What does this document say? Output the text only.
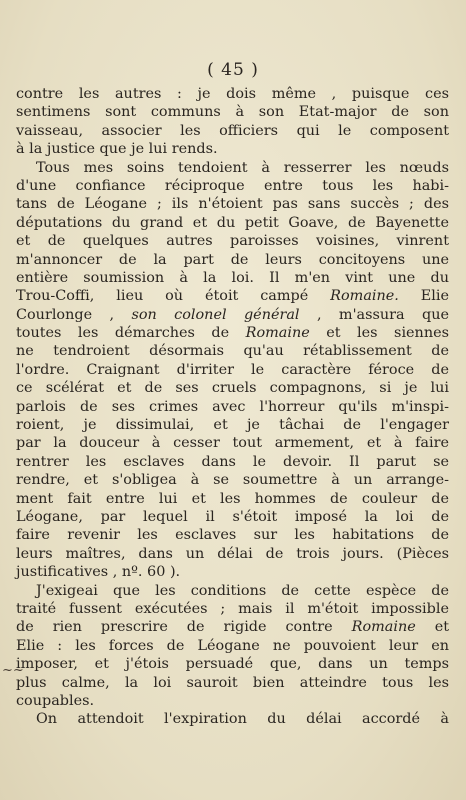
( 45 )
contre les autres : je dois même , puisque ces
sentimens sont communs à son Etat-major de son
vaisseau, associer les officiers qui le composent
à la justice que je lui rends.
Tous mes soins tendoient à resserrer les nœuds
d'une confiance réciproque entre tous les habi-
tans de Léogane ; ils n'étoient pas sans succès ; des
députations du grand et du petit Goave, de Bayenette
et de quelques autres paroisses voisines, vinrent
m'annoncer de la part de leurs concitoyens une
entière soumission à la loi. Il m'en vint une du
Trou-Coffi, lieu où étoit campé Romaine. Elie
Courlonge , son colonel général , m'assura que
toutes les démarches de Romaine et les siennes
ne tendroient désormais qu'au rétablissement de
l'ordre. Craignant d'irriter le caractère féroce de
ce scélérat et de ses cruels compagnons, si je lui
parlois de ses crimes avec l'horreur qu'ils m'inspi-
roient, je dissimulai, et je tâchai de l'engager
par la douceur à cesser tout armement, et à faire
rentrer les esclaves dans le devoir. Il parut se
rendre, et s'obligea à se soumettre à un arrange-
ment fait entre lui et les hommes de couleur de
Léogane, par lequel il s'étoit imposé la loi de
faire revenir les esclaves sur les habitations de
leurs maîtres, dans un délai de trois jours. (Pièces
justificatives , nº. 60 ).
J'exigeai que les conditions de cette espèce de
traité fussent exécutées ; mais il m'étoit impossible
de rien prescrire de rigide contre Romaine et
Elie : les forces de Léogane ne pouvoient leur en
imposer, et j'étois persuadé que, dans un temps
plus calme, la loi sauroit bien atteindre tous les
coupables.
On attendoit l'expiration du délai accordé à
~~
